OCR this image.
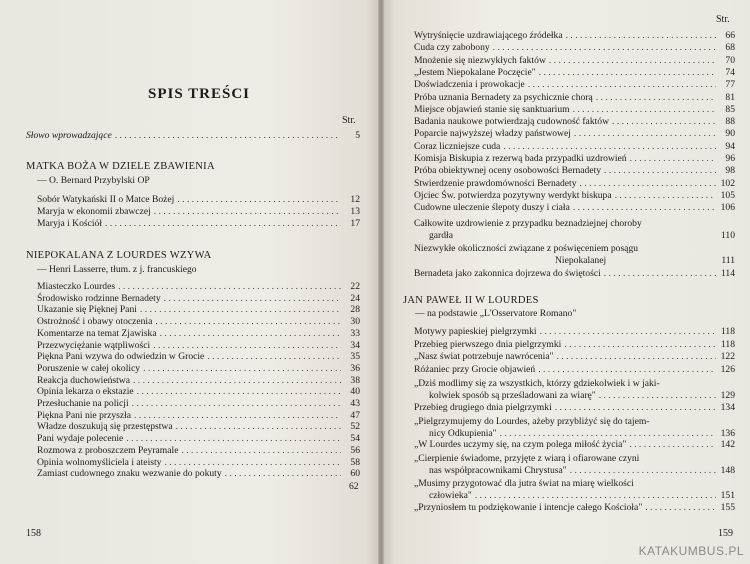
SPIS TREŚCI
Str.
Słowo wprowadzające . . .	5
MATKA BOŻA W DZIELE ZBAWIENIA
— O. Bernard Przybylski OP
Sobór Watykański II o Matce Bożej . . .	12
Maryja w ekonomii zbawczej . . .	13
Maryja i Kościół . . .	17
NIEPOKALANA Z LOURDES WZYWA
— Henri Lasserre, tłum. z j. francuskiego
Miasteczko Lourdes . . .	22
Środowisko rodzinne Bernadety . . .	24
Ukazanie się Pięknej Pani . . .	28
Ostrożność i obawy otoczenia . . .	30
Komentarze na temat Zjawiska . . .	33
Przezwyciężanie wątpliwości . . .	34
Piękna Pani wzywa do odwiedzin w Grocie . . .	35
Poruszenie w całej okolicy . . .	36
Reakcja duchowieństwa . . .	38
Opinia lekarza o ekstazie . . .	40
Przesłuchanie na policji . . .	43
Piękna Pani nie przyszła . . .	47
Władze doszukują się przestępstwa . . .	52
Pani wydaje polecenie . . .	54
Rozmowa z proboszczem Peyramale . . .	56
Opinia wolnomyśliciela i ateisty . . .	58
Zamiast cudownego znaku wezwanie do pokuty . . .	60
62
158
Str.
Wytryśnięcie uzdrawiającego źródełka . . .	66
Cuda czy zabobony . . .	68
Mnożenie się niezwykłych faktów . . .	70
„Jestem Niepokalane Poczęcie" . . .	74
Doświadczenia i prowokacje . . .	77
Próba uznania Bernadety za psychicznie chorą . . .	81
Miejsce objawień stanie się sanktuarium . . .	85
Badania naukowe potwierdzają cudowność faktów . . .	88
Poparcie najwyższej władzy państwowej . . .	90
Coraz liczniejsze cuda . . .	94
Komisja Biskupia z rezerwą bada przypadki uzdrowień . . .	96
Próba obiektywnej oceny osobowości Bernadety . . .	98
Stwierdzenie prawdomówności Bernadety . . .	102
Ojciec Św. potwierdza pozytywny werdykt biskupa . . .	105
Cudowne uleczenie ślepoty duszy i ciała . . .	106
Całkowite uzdrowienie z przypadku beznadziejnej choroby
gardła	110
Niezwykłe okoliczności związane z poświęceniem posągu
Niepokalanej	111
Bernadeta jako zakonnica dojrzewa do świętości . . .	114
JAN PAWEŁ II W LOURDES
— na podstawie „L'Osservatore Romano"
Motywy papieskiej pielgrzymki . . .	118
Przebieg pierwszego dnia pielgrzymki . . .	118
„Nasz świat potrzebuje nawrócenia" . . .	122
Różaniec przy Grocie objawień . . .	126
„Dziś modlimy się za wszystkich, którzy gdziekolwiek i w jaki-
kolwiek sposób są prześladowani za wiarę" . . .	129
Przebieg drugiego dnia pielgrzymki . . .	134
„Pielgrzymujemy do Lourdes, ażeby przybliżyć się do tajem-
nicy Odkupienia" . . .	136
„W Lourdes uczymy się, na czym polega miłość życia" . . .	142
„Cierpienie świadome, przyjęte z wiarą i ofiarowane czyni
nas współpracownikami Chrystusa" . . .	148
„Musimy przygotować dla jutra świat na miarę wielkości
człowieka" . . .	151
„Przyniosłem tu podziękowanie i intencje całego Kościoła" . . .	155
159
KATAKUMBUS.PL
